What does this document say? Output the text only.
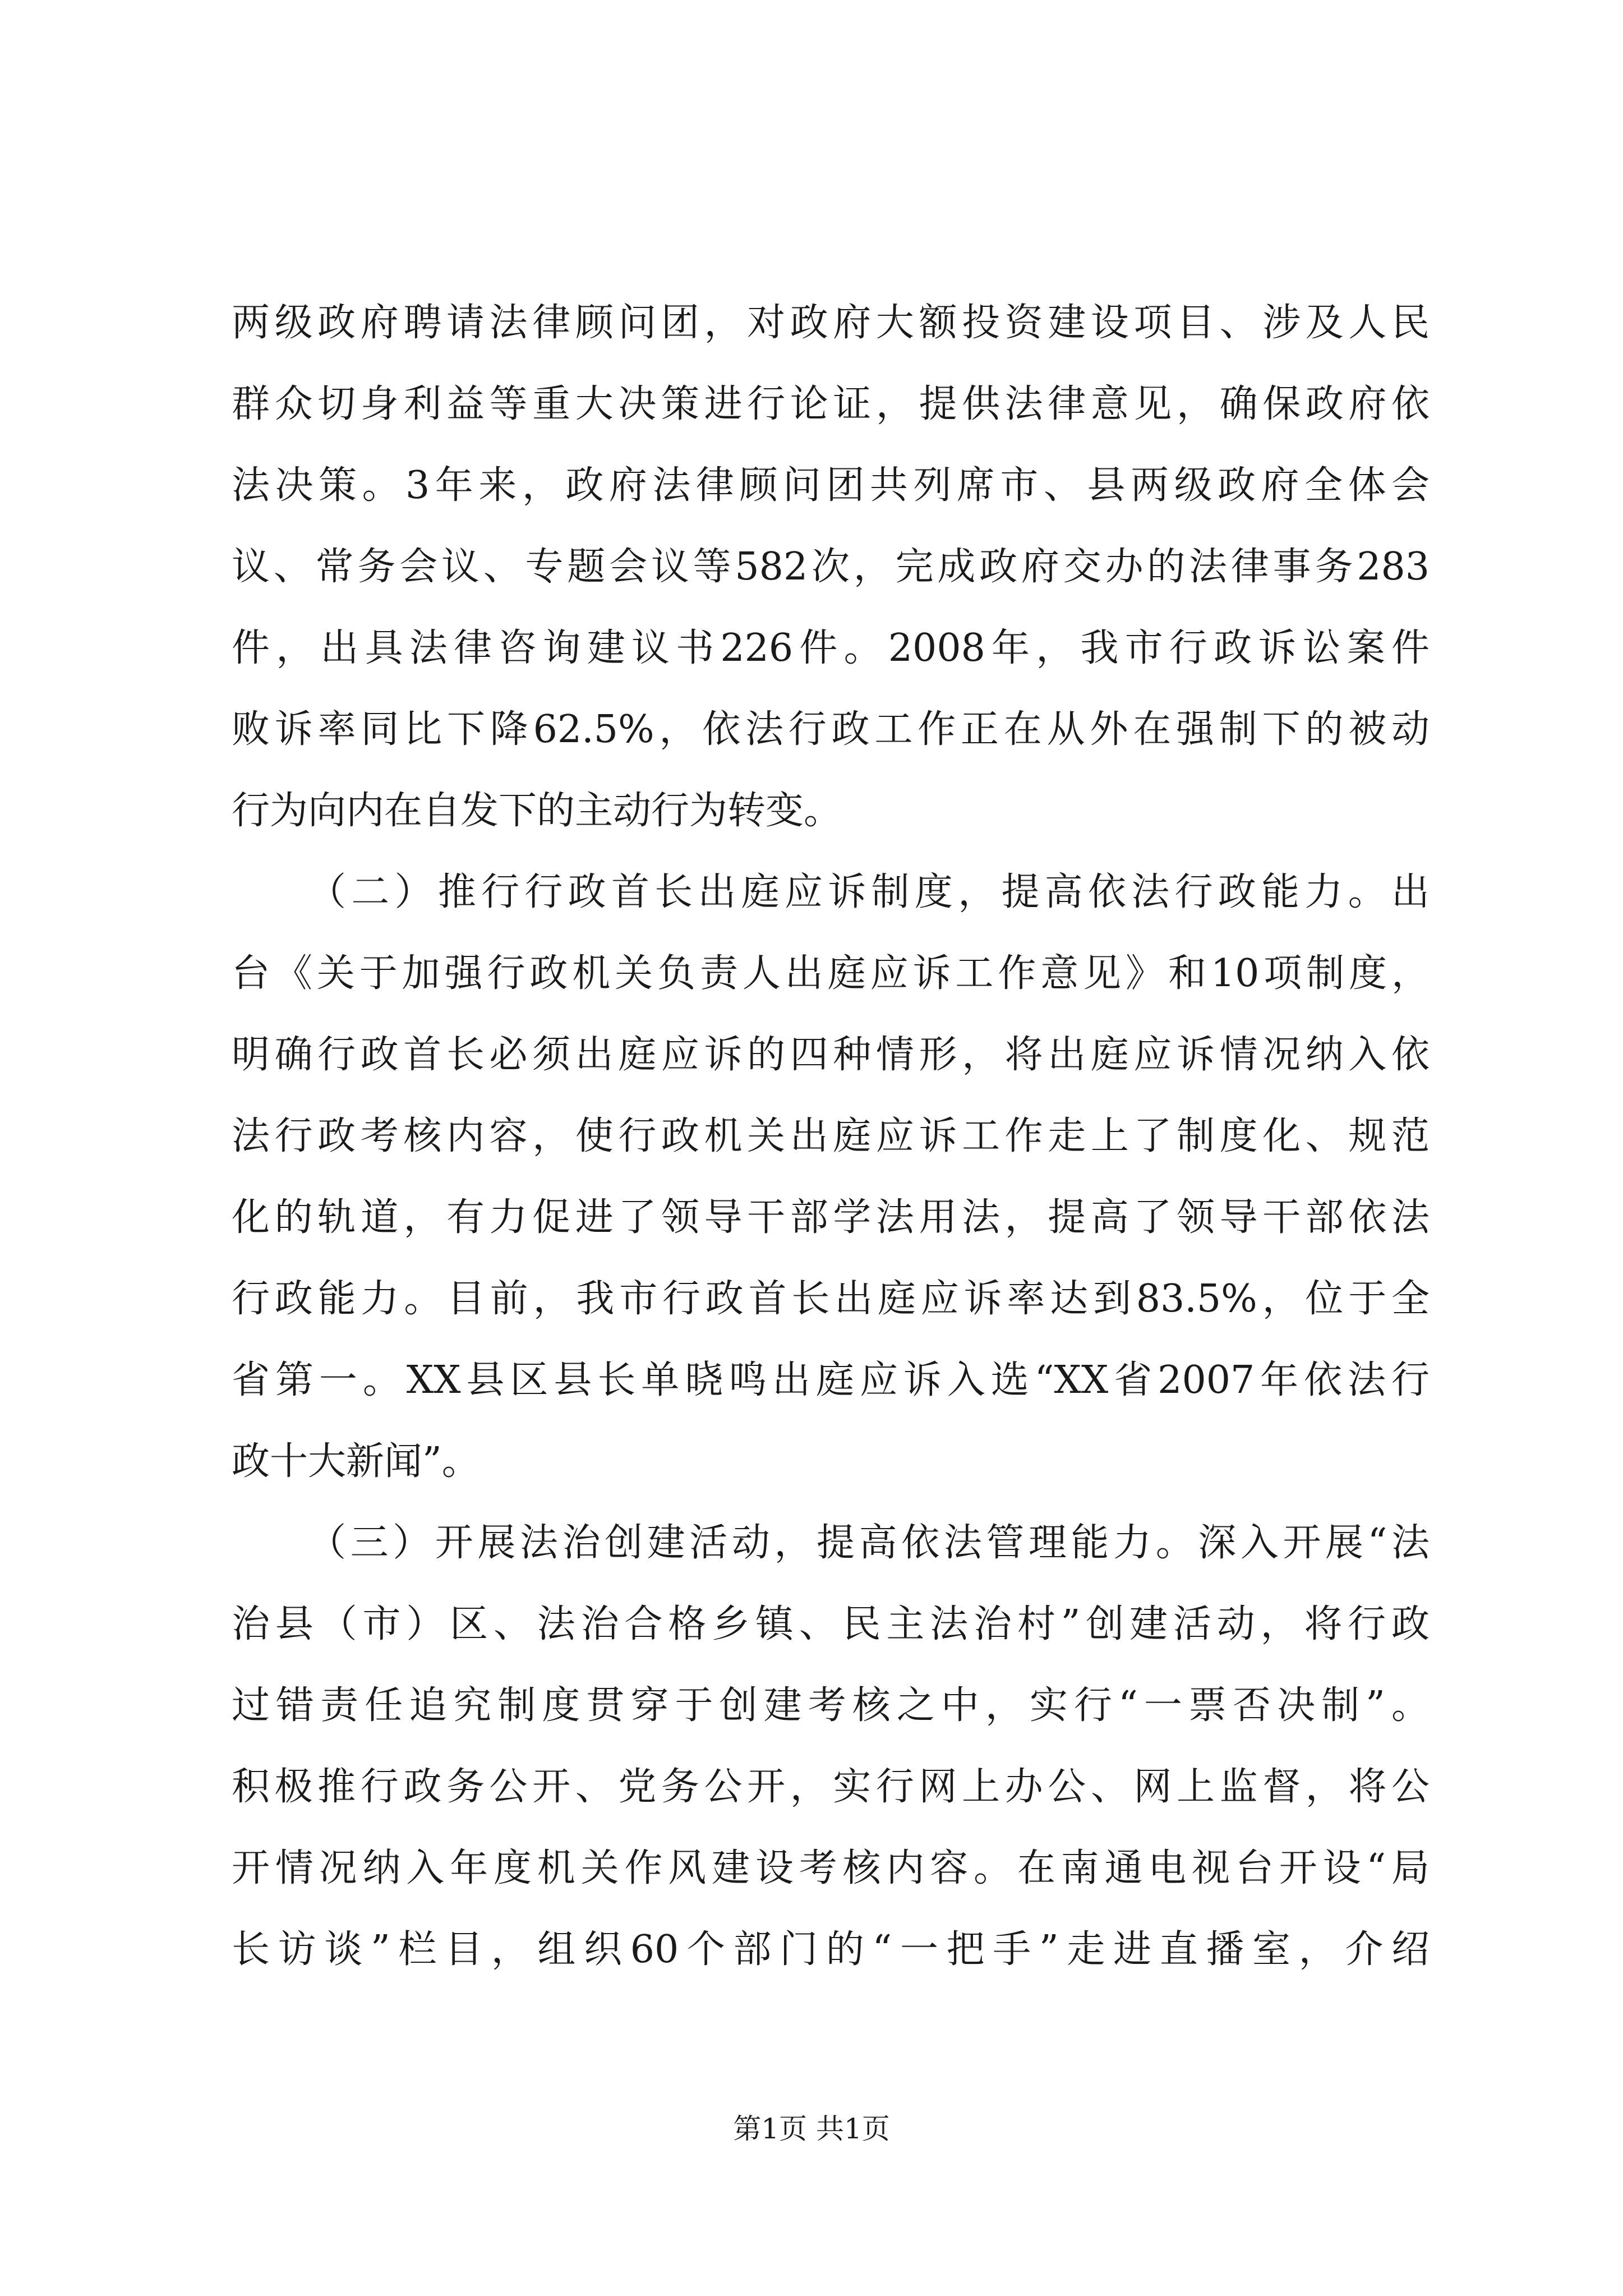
两级政府聘请法律顾问团，对政府大额投资建设项目、涉及人民
群众切身利益等重大决策进行论证，提供法律意见，确保政府依
法决策。3年来，政府法律顾问团共列席市、县两级政府全体会
议、常务会议、专题会议等582次，完成政府交办的法律事务283
件，出具法律咨询建议书226件。2008年，我市行政诉讼案件
败诉率同比下降62.5%，依法行政工作正在从外在强制下的被动
行为向内在自发下的主动行为转变。
（二）推行行政首长出庭应诉制度，提高依法行政能力。出
台《关于加强行政机关负责人出庭应诉工作意见》和10项制度，
明确行政首长必须出庭应诉的四种情形，将出庭应诉情况纳入依
法行政考核内容，使行政机关出庭应诉工作走上了制度化、规范
化的轨道，有力促进了领导干部学法用法，提高了领导干部依法
行政能力。目前，我市行政首长出庭应诉率达到83.5%，位于全
省第一。XX县区县长单晓鸣出庭应诉入选“XX省2007年依法行
政十大新闻”。
（三）开展法治创建活动，提高依法管理能力。深入开展“法
治县（市）区、法治合格乡镇、民主法治村”创建活动，将行政
过错责任追究制度贯穿于创建考核之中，实行“一票否决制”。
积极推行政务公开、党务公开，实行网上办公、网上监督，将公
开情况纳入年度机关作风建设考核内容。在南通电视台开设“局
长访谈”栏目，组织60个部门的“一把手”走进直播室，介绍
第1页 共1页
